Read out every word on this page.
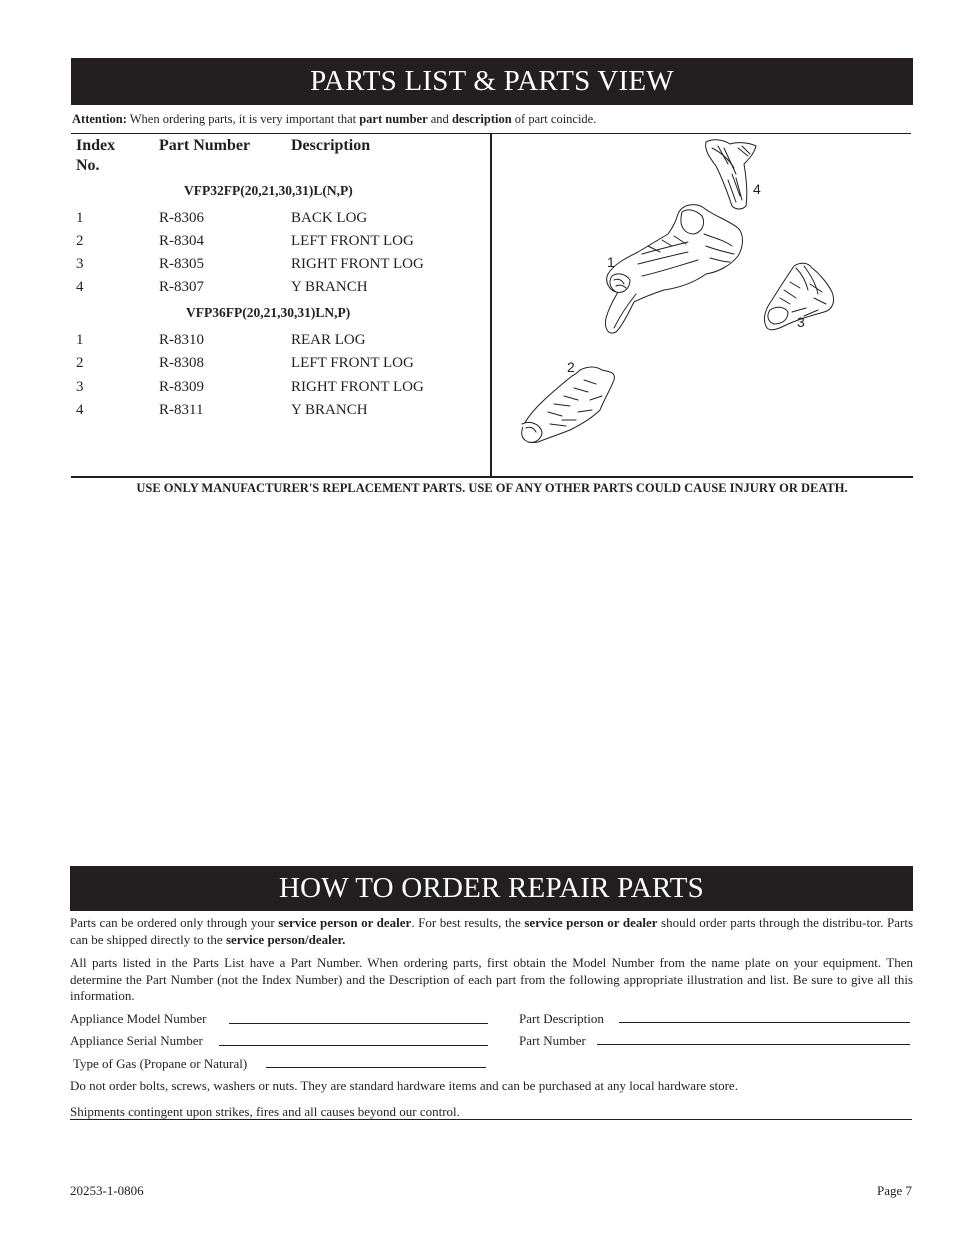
PARTS LIST & PARTS VIEW
Attention: When ordering parts, it is very important that part number and description of part coincide.
Index
No.
Part Number	Description
VFP32FP(20,21,30,31)L(N,P)
1	R-8306	BACK LOG
2	R-8304	LEFT FRONT LOG
3	R-8305	RIGHT FRONT LOG
4	R-8307	Y BRANCH
VFP36FP(20,21,30,31)LN,P)
1	R-8310	REAR LOG
2	R-8308	LEFT FRONT LOG
3	R-8309	RIGHT FRONT LOG
4	R-8311	Y BRANCH
1
2
3
4
USE ONLY MANUFACTURER'S REPLACEMENT PARTS. USE OF ANY OTHER PARTS COULD CAUSE INJURY OR DEATH.
HOW TO ORDER REPAIR PARTS
Parts can be ordered only through your service person or dealer. For best results, the service person or dealer should order parts through the distribu-tor. Parts can be shipped directly to the service person/dealer.
All parts listed in the Parts List have a Part Number. When ordering parts, first obtain the Model Number from the name plate on your equipment. Then determine the Part Number (not the Index Number) and the Description of each part from the following appropriate illustration and list. Be sure to give all this information.
Appliance Model Number	Part Description
Appliance Serial Number	Part Number
Type of Gas (Propane or Natural)
Do not order bolts, screws, washers or nuts. They are standard hardware items and can be purchased at any local hardware store.
Shipments contingent upon strikes, fires and all causes beyond our control.
20253-1-0806	Page 7
